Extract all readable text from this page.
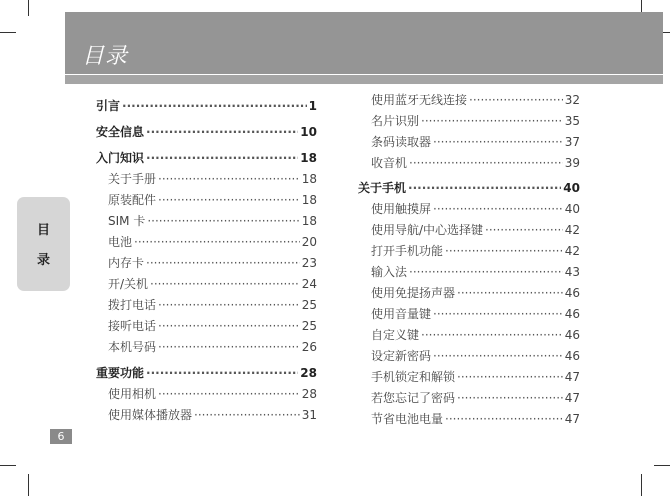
目录
目
录
6
引言 ·····	1
安全信息 ·····	10
入门知识 ·····	18
关于手册 ·····	18
原装配件 ·····	18
SIM 卡 ·····	18
电池 ·····	20
内存卡 ·····	23
开/关机 ·····	24
拨打电话 ·····	25
接听电话 ·····	25
本机号码 ·····	26
重要功能 ·····	28
使用相机 ·····	28
使用媒体播放器 ·····	31
使用蓝牙无线连接 ·····	32
名片识别 ·····	35
条码读取器 ·····	37
收音机 ·····	39
关于手机 ·····	40
使用触摸屏 ·····	40
使用导航/中心选择键 ·····	42
打开手机功能 ·····	42
输入法 ·····	43
使用免提扬声器 ·····	46
使用音量键 ·····	46
自定义键 ·····	46
设定新密码 ·····	46
手机锁定和解锁 ·····	47
若您忘记了密码 ·····	47
节省电池电量 ·····	47
